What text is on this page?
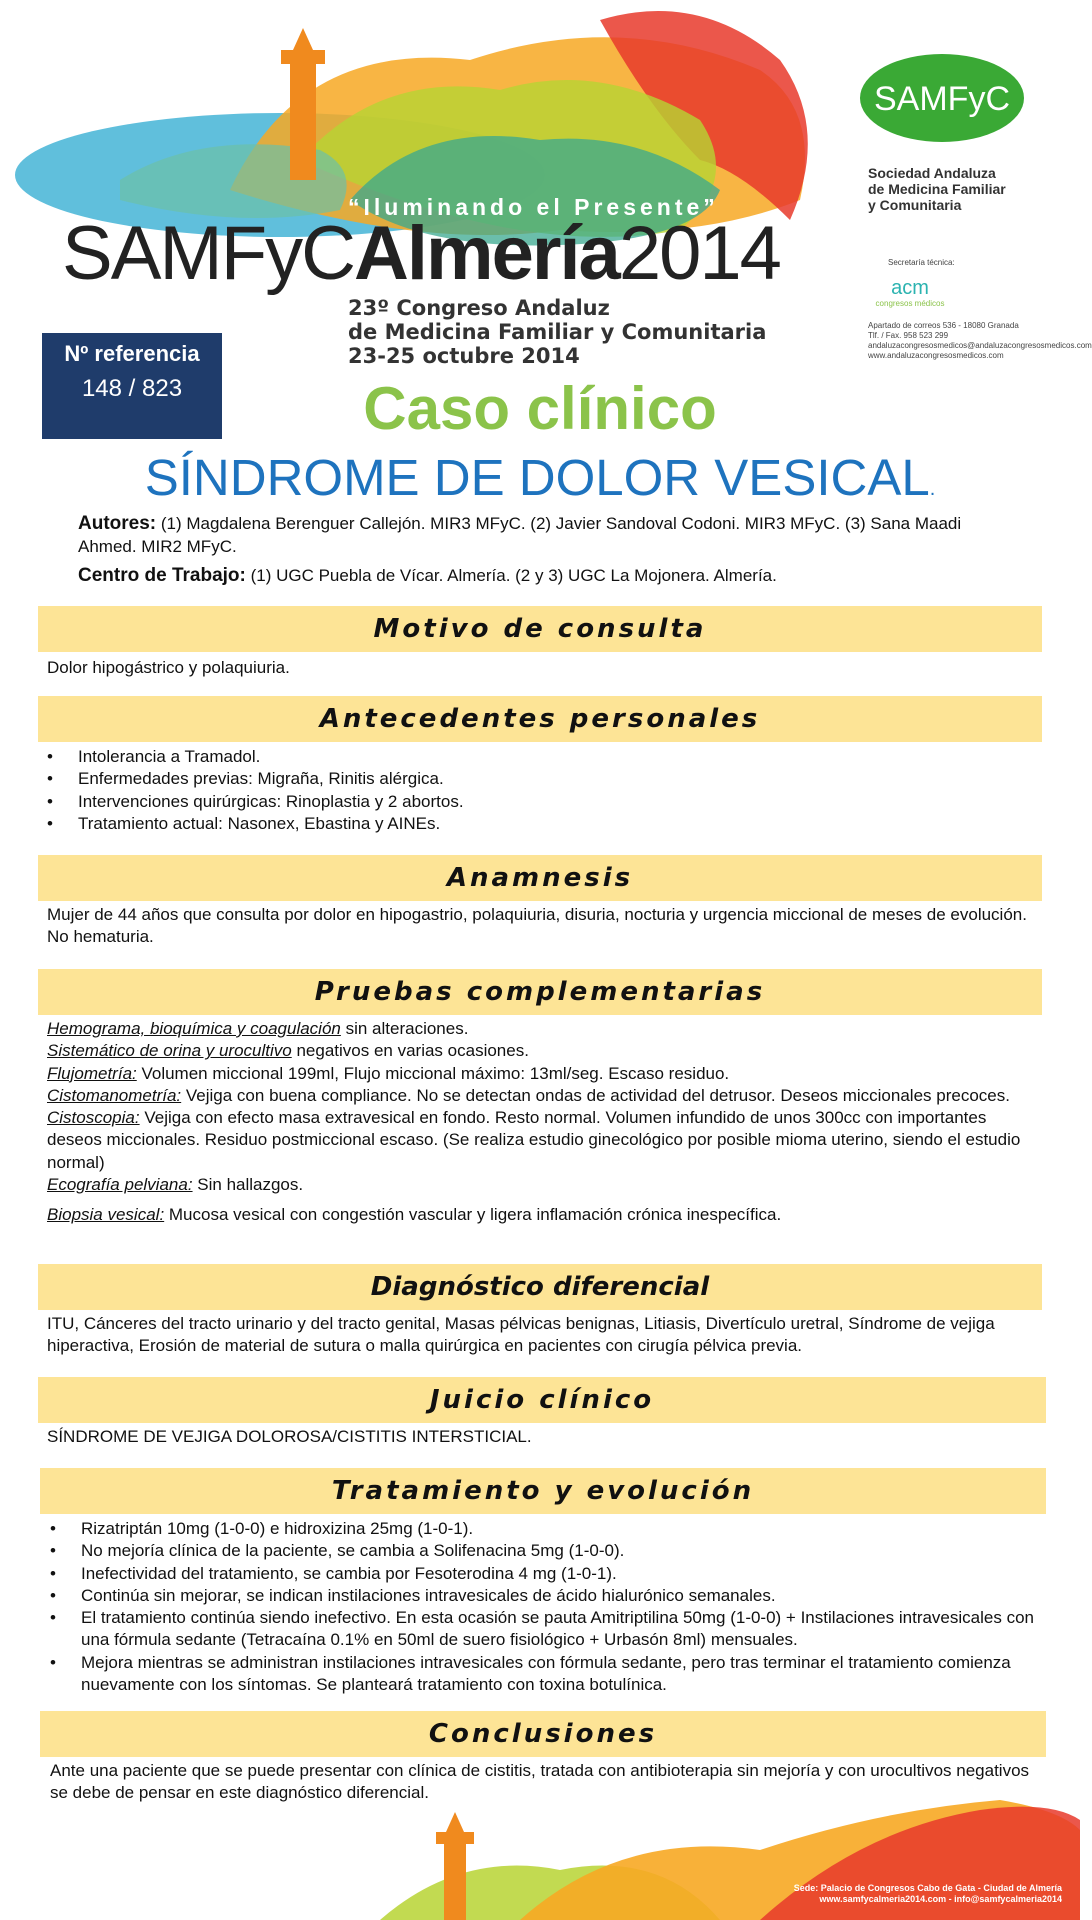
“Iluminando el Presente”
SAMFyCAlmería2014
23º Congreso Andaluz
de Medicina Familiar y Comunitaria
23-25 octubre 2014
SAMFyC
Sociedad Andaluza
de Medicina Familiar
y Comunitaria
Secretaría técnica:
acm
congresos médicos
Apartado de correos 536 - 18080 Granada
Tlf. / Fax. 958 523 299
andaluzacongresosmedicos@andaluzacongresosmedicos.com
www.andaluzacongresosmedicos.com
Nº referencia
148 / 823	Caso clínico
SÍNDROME DE DOLOR VESICAL.
Autores: (1) Magdalena Berenguer Callejón. MIR3 MFyC. (2) Javier Sandoval Codoni. MIR3 MFyC. (3) Sana Maadi Ahmed. MIR2 MFyC.
Centro de Trabajo: (1) UGC Puebla de Vícar. Almería. (2 y 3) UGC La Mojonera. Almería.
Motivo de consulta
Dolor hipogástrico y polaquiuria.
Antecedentes personales
• Intolerancia a Tramadol.
• Enfermedades previas: Migraña, Rinitis alérgica.
• Intervenciones quirúrgicas: Rinoplastia y 2 abortos.
• Tratamiento actual: Nasonex, Ebastina y AINEs.
Anamnesis
Mujer de 44 años que consulta por dolor en hipogastrio, polaquiuria, disuria, nocturia y urgencia miccional de meses de evolución. No hematuria.
Pruebas complementarias
Hemograma, bioquímica y coagulación sin alteraciones.
Sistemático de orina y urocultivo negativos en varias ocasiones.
Flujometría: Volumen miccional 199ml, Flujo miccional máximo: 13ml/seg. Escaso residuo.
Cistomanometría: Vejiga con buena compliance. No se detectan ondas de actividad del detrusor. Deseos miccionales precoces.
Cistoscopia: Vejiga con efecto masa extravesical en fondo. Resto normal. Volumen infundido de unos 300cc con importantes deseos miccionales. Residuo postmiccional escaso. (Se realiza estudio ginecológico por posible mioma uterino, siendo el estudio normal)
Ecografía pelviana: Sin hallazgos.
Biopsia vesical: Mucosa vesical con congestión vascular y ligera inflamación crónica inespecífica.
Diagnóstico diferencial
ITU, Cánceres del tracto urinario y del tracto genital, Masas pélvicas benignas, Litiasis, Divertículo uretral, Síndrome de vejiga hiperactiva, Erosión de material de sutura o malla quirúrgica en pacientes con cirugía pélvica previa.
Juicio clínico
SÍNDROME DE VEJIGA DOLOROSA/CISTITIS INTERSTICIAL.
Tratamiento y evolución
• Rizatriptán 10mg (1-0-0) e hidroxizina 25mg (1-0-1).
• No mejoría clínica de la paciente, se cambia a Solifenacina 5mg (1-0-0).
• Inefectividad del tratamiento, se cambia por Fesoterodina 4 mg (1-0-1).
• Continúa sin mejorar, se indican instilaciones intravesicales de ácido hialurónico semanales.
• El tratamiento continúa siendo inefectivo. En esta ocasión se pauta Amitriptilina 50mg (1-0-0) + Instilaciones intravesicales con una fórmula sedante (Tetracaína 0.1% en 50ml de suero fisiológico + Urbasón 8ml) mensuales.
• Mejora mientras se administran instilaciones intravesicales con fórmula sedante, pero tras terminar el tratamiento comienza nuevamente con los síntomas. Se planteará tratamiento con toxina botulínica.
Conclusiones
Ante una paciente que se puede presentar con clínica de cistitis, tratada con antibioterapia sin mejoría y con urocultivos negativos se debe de pensar en este diagnóstico diferencial.
Sede: Palacio de Congresos Cabo de Gata - Ciudad de Almería
www.samfycalmeria2014.com - info@samfycalmeria2014
